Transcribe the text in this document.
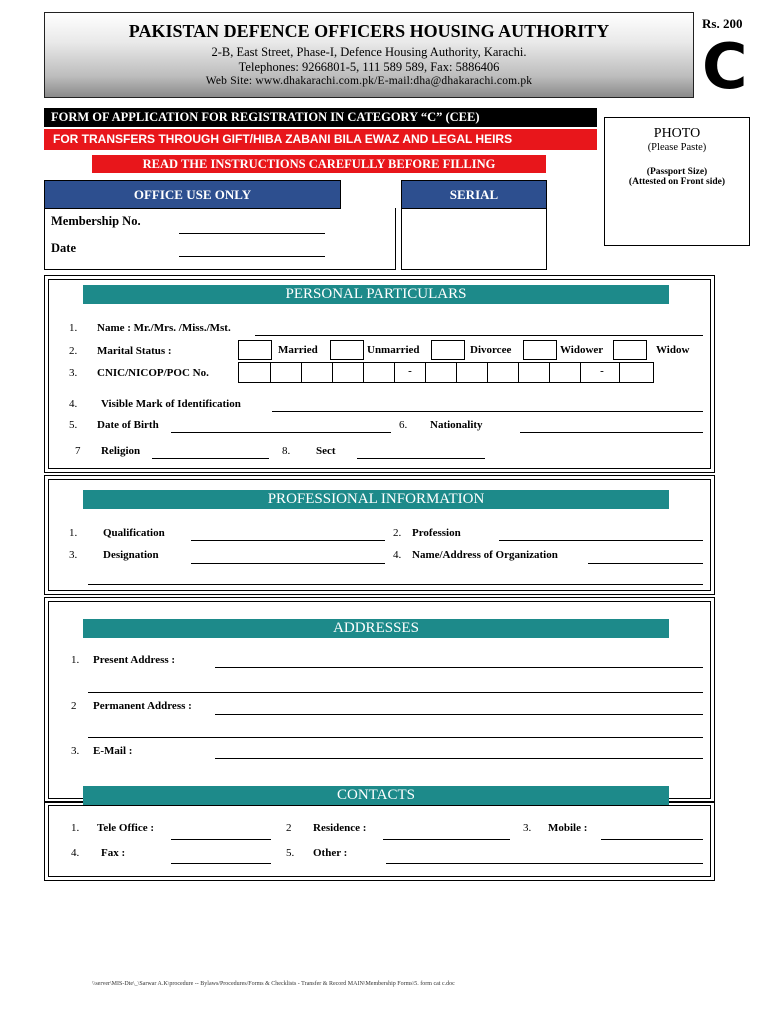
PAKISTAN DEFENCE OFFICERS HOUSING AUTHORITY
2-B, East Street, Phase-I, Defence Housing Authority, Karachi.
Telephones: 9266801-5, 111 589 589, Fax: 5886406
Web Site: www.dhakarachi.com.pk/E-mail:dha@dhakarachi.com.pk
Rs. 200
C
FORM OF APPLICATION FOR REGISTRATION IN CATEGORY “C” (CEE)
FOR TRANSFERS THROUGH GIFT/HIBA ZABANI BILA EWAZ AND LEGAL HEIRS
READ THE INSTRUCTIONS CAREFULLY BEFORE FILLING
PHOTO
(Please Paste)
(Passport Size)
(Attested on Front side)
OFFICE USE ONLY	SERIAL
Membership No.
Date
PERSONAL PARTICULARS
1. Name : Mr./Mrs. /Miss./Mst.
2. Marital Status :	Married	Unmarried	Divorcee	Widower	Widow
3. CNIC/NICOP/POC No.	-	-
4. Visible Mark of Identification
5. Date of Birth	6. Nationality
7 Religion	8. Sect
PROFESSIONAL INFORMATION
1. Qualification	2. Profession
3. Designation	4. Name/Address of Organization
ADDRESSES
1. Present Address :
2 Permanent Address :
3. E-Mail :
CONTACTS
1. Tele Office :	2 Residence :	3. Mobile :
4. Fax :	5. Other :
\\server\MIS-Dte\_\Sarwar A.K\procedure -- Bylaws/Procedures/Forms & Checklists - Transfer & Record MAIN\Membership Forms\5. form cat c.doc
